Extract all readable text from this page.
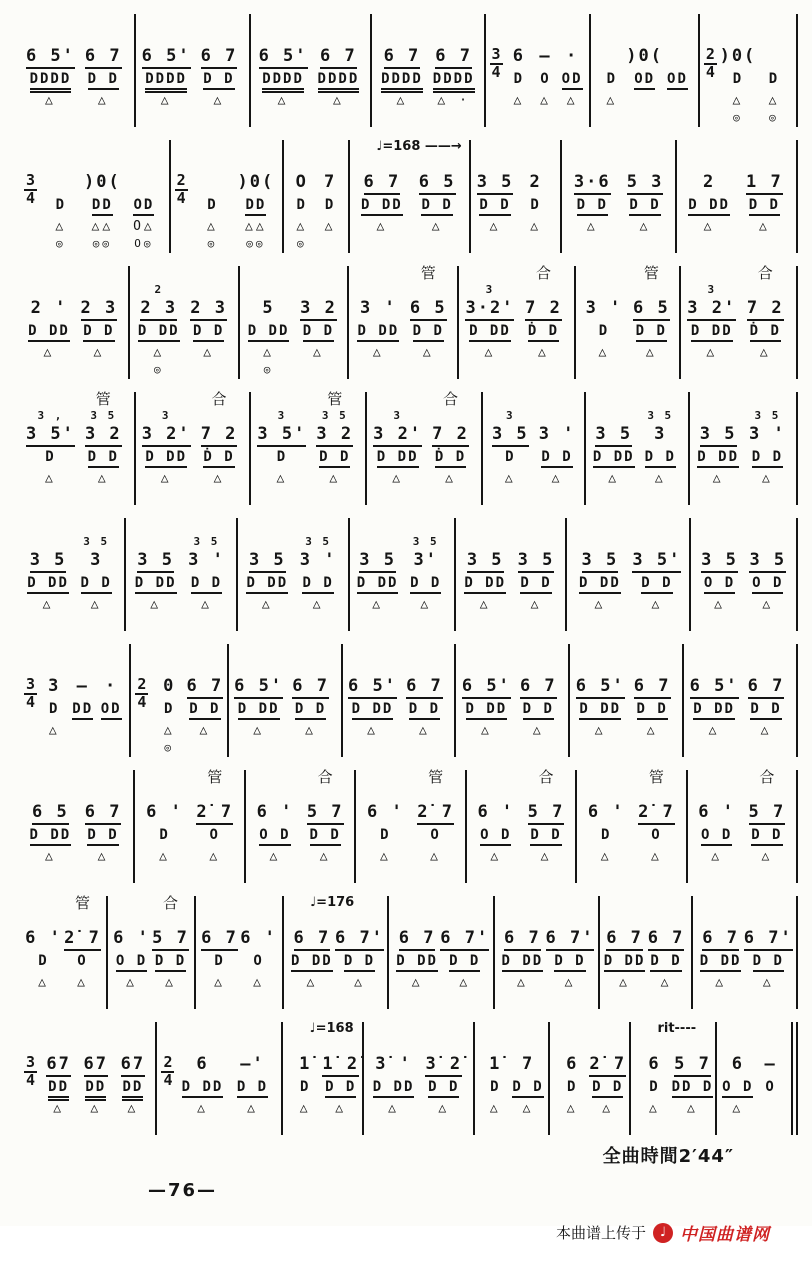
6 5'
DDDD
△
6 7
D D
△
6 5'
DDDD
△
6 7
D D
△
6 5'
DDDD
△
6 7
DDDD
△
6 7
DDDD
△
6 7
DDDD
△ ·
$\frac{3}{4} 6$
D
△
–
O
△
·
OD
△
D
△
)0(
OD OD $\frac{2}{4} )0$(
D
△
◎
D
△
◎
$\frac{3}{4}$ D
△
◎
)0(
DD
△△
◎◎
OD
O△
O◎
$\frac{2}{4}$ D
△
◎
)0(
DD
△△
◎◎
O
D
△
◎
7
D
△
♩=168 ——→
6 7
D DD
△
6 5
D D
△
3 5
D D
△
2
D
△
3·6
D D
△
5 3
D D
△
2
D DD
△
1 7
D D
△
2 '
D DD
△
2 3
D D
△
2
2 3
D DD
△
◎
2 3
D D
△
5
D DD
△
◎
3 2
D D
△
3 '
D DD
△
管
6 5
D D
△
3
3·2'
D DD
△
合
7 2
Ḋ D
△
3 '
D
△
管
6 5
D D
△
3
3 2'
D DD
△
合
7 2
Ḋ D
△
3 ,
3 5'
D
△
管
3 5
3 2
D D
△
3
3 2'
D DD
△
合
7 2
Ḋ D
△
3
3 5'
D
△
管
3 5
3 2
D D
△
3
3 2'
D DD
△
合
7 2
Ḋ D
△
3
3 5
D
△
3 '
D D
△
3 5
D DD
△
3 5
3
D D
△
3 5
D DD
△
3 5
3 '
D D
△
3 5
D DD
△
3 5
3
D D
△
3 5
D DD
△
3 5
3 '
D D
△
3 5
D DD
△
3 5
3 '
D D
△
3 5
D DD
△
3 5
3'
D D
△
3 5
D DD
△
3 5
D D
△
3 5
D DD
△
3 5'
D D
△
3 5
O D
△
3 5
O D
△
$\frac{3}{4} 3$
D
△
–
DD
·
OD $\frac{2}{4} 0$
D
△
◎
6 7
D D
△
6 5'
D DD
△
6 7
D D
△
6 5'
D DD
△
6 7
D D
△
6 5'
D DD
△
6 7
D D
△
6 5'
D DD
△
6 7
D D
△
6 5'
D DD
△
6 7
D D
△
6 5
D DD
△
6 7
D D
△
6 '
D
△
管
2̇ 7
O
△
6 '
O D
△
合
5 7
D D
△
6 '
D
△
管
2̇ 7
O
△
6 '
O D
△
合
5 7
D D
△
6 '
D
△
管
2̇ 7
O
△
6 '
O D
△
合
5 7
D D
△
6 '
D
△
管
2̇ 7
O
△
6 '
O D
△
合
5 7
D D
△
6 7
D
△
6 '
O
△
♩=176
6 7
D DD
△
6 7'
D D
△
6 7
D DD
△
6 7'
D D
△
6 7
D DD
△
6 7'
D D
△
6 7
D DD
△
6 7
D D
△
6 7
D DD
△
6 7'
D D
△
$\frac{3}{4} 67$
DD
△
67
DD
△
67
DD
△
$\frac{2}{4} 6$
D DD
△
–'
D D
△
♩=168
1̇
D
△
1̇ 2̇
D D
△
3̇ '
D DD
△
3̇ 2̇
D D
△
1̇
D
△
7
D D
△
6
D
△
2̇ 7
D D
△
rit----
6
D
△
5 7
DD D
△
6
O D
△
–
O
全曲時間2′44″
—76—
本曲谱上传于	♩ 中国曲谱网
